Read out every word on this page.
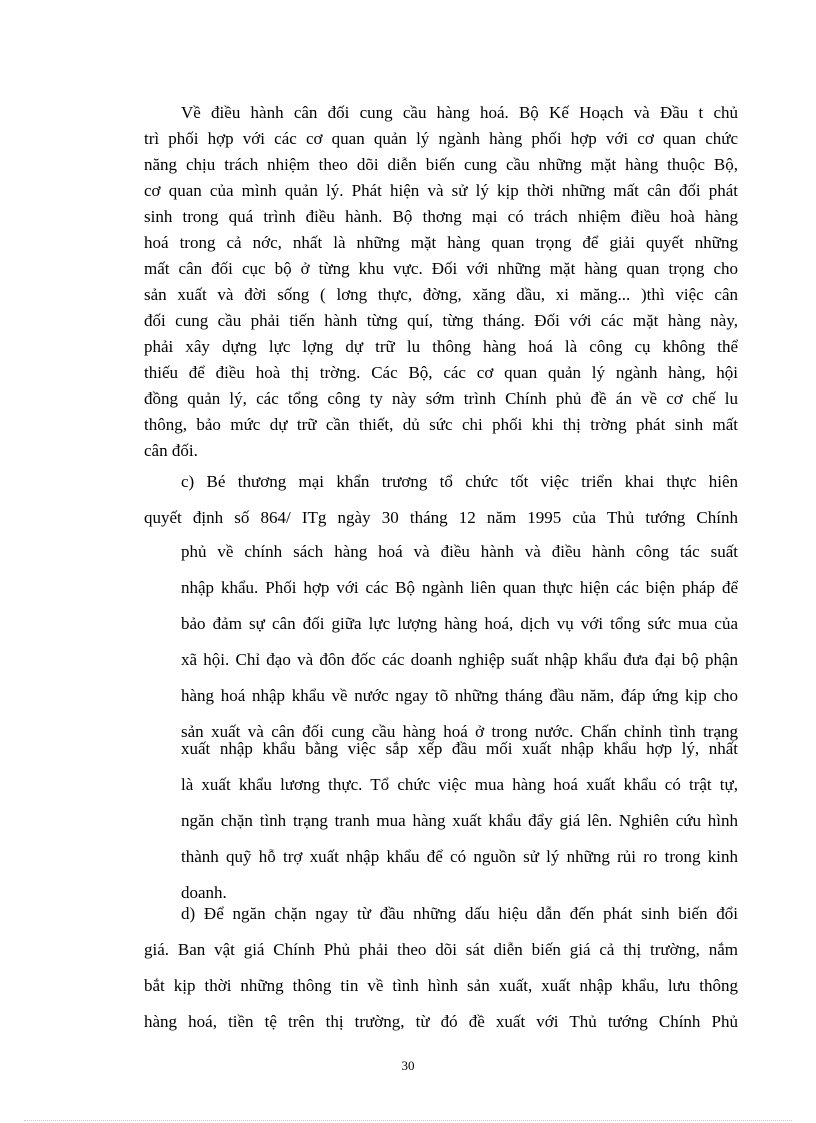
Về điều hành cân đối cung cầu hàng hoá. Bộ Kế Hoạch và Đầu t chủ
trì phối hợp với các cơ quan quản lý ngành hàng phối hợp với cơ quan chức
năng chịu trách nhiệm theo dõi diễn biến cung cầu những mặt hàng thuộc Bộ,
cơ quan của mình quản lý. Phát hiện và sử lý kịp thời những mất cân đối phát
sinh trong quá trình điều hành. Bộ thơng mại có trách nhiệm điều hoà hàng
hoá trong cả nớc, nhất là những mặt hàng quan trọng để giải quyết những
mất cân đối cục bộ ở từng khu vực. Đối với những mặt hàng quan trọng cho
sản xuất và đời sống ( lơng thực, đờng, xăng dầu, xi măng... )thì việc cân
đối cung cầu phải tiến hành từng quí, từng tháng. Đối với các mặt hàng này,
phải xây dựng lực lợng dự trữ lu thông hàng hoá là công cụ không thể
thiếu để điều hoà thị trờng. Các Bộ, các cơ quan quản lý ngành hàng, hội
đồng quản lý, các tổng công ty này sớm trình Chính phủ đề án về cơ chế lu
thông, bảo mức dự trữ cần thiết, dủ sức chi phối khi thị trờng phát sinh mất
cân đối.
c) Bé thương mại khẩn trương tổ chức tốt việc triển khai thực hiên
quyết định số 864/ ITg ngày 30 tháng 12 năm 1995 của Thủ tướng Chính
phủ về chính sách hàng hoá và điều hành và điều hành công tác suất
nhập khẩu. Phối hợp với các Bộ ngành liên quan thực hiện các biện pháp để
bảo đảm sự cân đối giữa lực lượng hàng hoá, dịch vụ với tổng sức mua của
xã hội. Chỉ đạo và đôn đốc các doanh nghiệp suất nhập khẩu đưa đại bộ phận
hàng hoá nhập khẩu về nước ngay tõ những tháng đầu năm, đáp ứng kịp cho
sản xuất và cân đối cung cầu hàng hoá ở trong nước. Chấn chỉnh tình trạng
xuất nhập khẩu bằng việc sắp xếp đầu mối xuất nhập khẩu hợp lý, nhất
là xuất khẩu lương thực. Tổ chức việc mua hàng hoá xuất khẩu có trật tự,
ngăn chặn tình trạng tranh mua hàng xuất khẩu đẩy giá lên. Nghiên cứu hình
thành quỹ hỗ trợ xuất nhập khẩu để có nguồn sử lý những rủi ro trong kinh
doanh.
d) Để ngăn chặn ngay từ đầu những dấu hiệu dẫn đến phát sinh biến đổi
giá. Ban vật giá Chính Phủ phải theo dõi sát diễn biến giá cả thị trường, nắm
bắt kịp thời những thông tin về tình hình sản xuất, xuất nhập khẩu, lưu thông
hàng hoá, tiền tệ trên thị trường, từ đó đề xuất với Thủ tướng Chính Phủ
30
